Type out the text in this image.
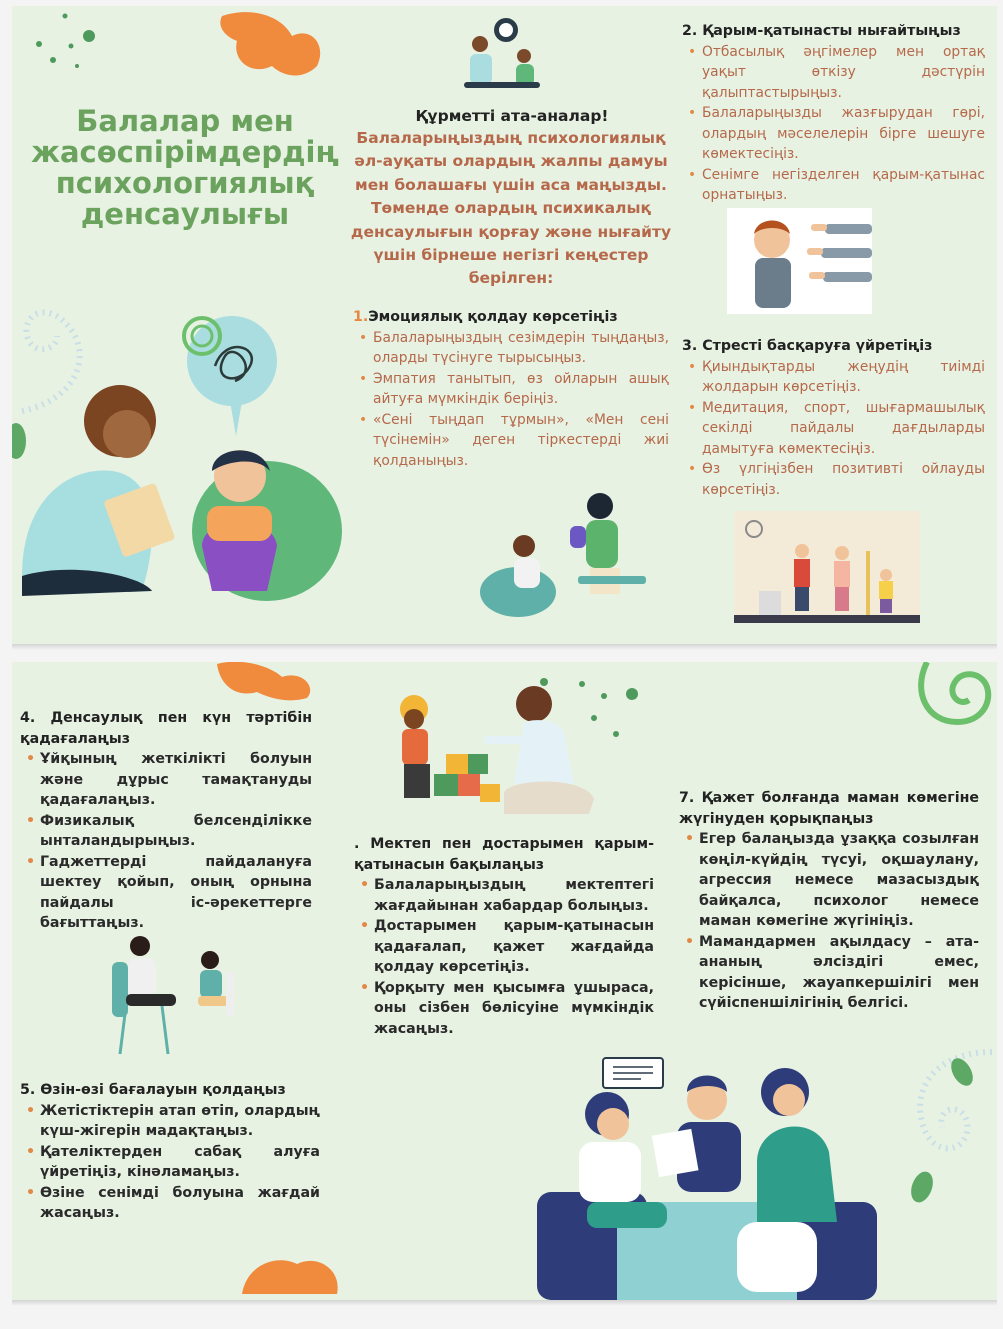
Балалар мен жасөспірімдердің психологиялық денсаулығы
Құрметті ата-аналар!
Балаларыңыздың психологиялық әл-ауқаты олардың жалпы дамуы мен болашағы үшін аса маңызды. Төменде олардың психикалық денсаулығын қорғау және нығайту үшін бірнеше негізгі кеңестер берілген:
1.Эмоциялық қолдау көрсетіңіз
• Балаларыңыздың сезімдерін тыңдаңыз, оларды түсінуге тырысыңыз.
• Эмпатия танытып, өз ойларын ашық айтуға мүмкіндік беріңіз.
• «Сені тыңдап тұрмын», «Мен сені түсінемін» деген тіркестерді жиі қолданыңыз.
2. Қарым-қатынасты нығайтыңыз
• Отбасылық әңгімелер мен ортақ уақыт өткізу дәстүрін қалыптастырыңыз.
• Балаларыңызды жазғырудан гөрі, олардың мәселелерін бірге шешуге көмектесіңіз.
• Сенімге негізделген қарым-қатынас орнатыңыз.
3. Стресті басқаруға үйретіңіз
• Қиындықтарды жеңудің тиімді жолдарын көрсетіңіз.
• Медитация, спорт, шығармашылық секілді пайдалы дағдыларды дамытуға көмектесіңіз.
• Өз үлгіңізбен позитивті ойлауды көрсетіңіз.
4. Денсаулық пен күн тәртібін қадағалаңыз
• Ұйқының жеткілікті болуын және дұрыс тамақтануды қадағалаңыз.
• Физикалық белсенділікке ынталандырыңыз.
• Гаджеттерді пайдалануға шектеу қойып, оның орнына пайдалы іс-әрекеттерге бағыттаңыз.
5. Өзін-өзі бағалауын қолдаңыз
• Жетістіктерін атап өтіп, олардың күш-жігерін мадақтаңыз.
• Қателіктерден сабақ алуға үйретіңіз, кінәламаңыз.
• Өзіне сенімді болуына жағдай жасаңыз.
. Мектеп пен достарымен қарым-қатынасын бақылаңыз
• Балаларыңыздың мектептегі жағдайынан хабардар болыңыз.
• Достарымен қарым-қатынасын қадағалап, қажет жағдайда қолдау көрсетіңіз.
• Қорқыту мен қысымға ұшыраса, оны сізбен бөлісуіне мүмкіндік жасаңыз.
7. Қажет болғанда маман көмегіне жүгінуден қорықпаңыз
• Егер балаңызда ұзаққа созылған көңіл-күйдің түсуі, оқшаулану, агрессия немесе мазасыздық байқалса, психолог немесе маман көмегіне жүгініңіз.
• Мамандармен ақылдасу – ата-ананың әлсіздігі емес, керісінше, жауапкершілігі мен сүйіспеншілігінің белгісі.
